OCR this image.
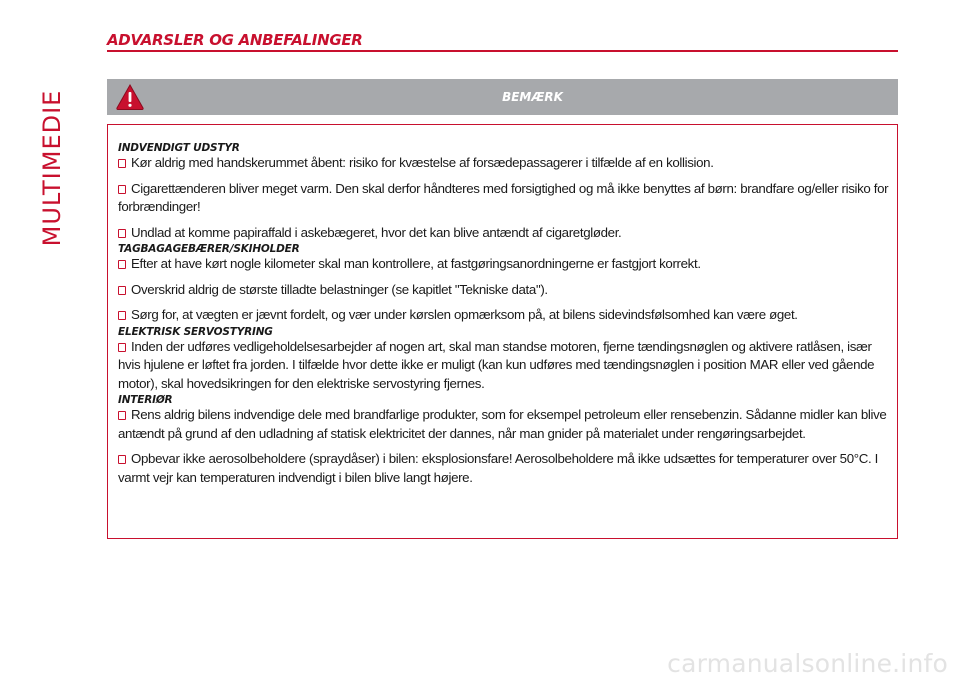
MULTIMEDIE
ADVARSLER OG ANBEFALINGER
BEMÆRK
INDVENDIGT UDSTYR
Kør aldrig med handskerummet åbent: risiko for kvæstelse af forsædepassagerer i tilfælde af en kollision.
Cigarettænderen bliver meget varm. Den skal derfor håndteres med forsigtighed og må ikke benyttes af børn: brandfare og/eller risiko for forbrændinger!
Undlad at komme papiraffald i askebægeret, hvor det kan blive antændt af cigaretgløder.
TAGBAGAGEBÆRER/SKIHOLDER
Efter at have kørt nogle kilometer skal man kontrollere, at fastgøringsanordningerne er fastgjort korrekt.
Overskrid aldrig de største tilladte belastninger (se kapitlet "Tekniske data").
Sørg for, at vægten er jævnt fordelt, og vær under kørslen opmærksom på, at bilens sidevindsfølsomhed kan være øget.
ELEKTRISK SERVOSTYRING
Inden der udføres vedligeholdelsesarbejder af nogen art, skal man standse motoren, fjerne tændingsnøglen og aktivere ratlåsen, især hvis hjulene er løftet fra jorden. I tilfælde hvor dette ikke er muligt (kan kun udføres med tændingsnøglen i position MAR eller ved gående motor), skal hovedsikringen for den elektriske servostyring fjernes.
INTERIØR
Rens aldrig bilens indvendige dele med brandfarlige produkter, som for eksempel petroleum eller rensebenzin. Sådanne midler kan blive antændt på grund af den udladning af statisk elektricitet der dannes, når man gnider på materialet under rengøringsarbejdet.
Opbevar ikke aerosolbeholdere (spraydåser) i bilen: eksplosionsfare! Aerosolbeholdere må ikke udsættes for temperaturer over 50°C. I varmt vejr kan temperaturen indvendigt i bilen blive langt højere.
carmanualsonline.info
